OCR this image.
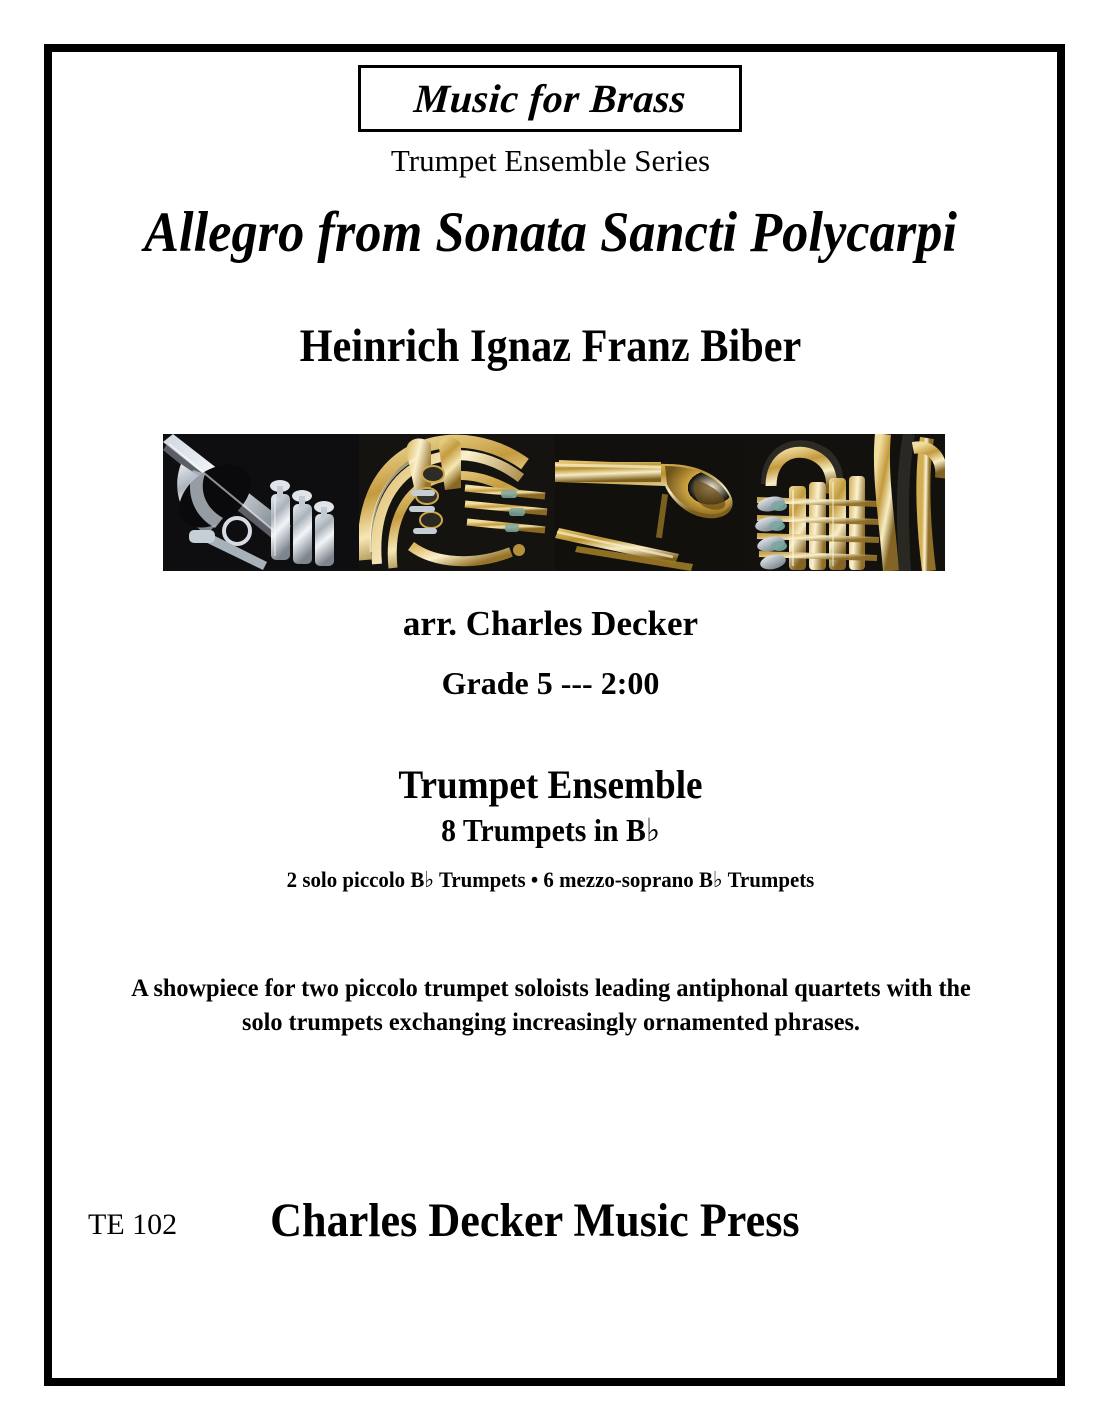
Music for Brass
Trumpet Ensemble Series
Allegro from Sonata Sancti Polycarpi
Heinrich Ignaz Franz Biber
arr. Charles Decker
Grade 5 --- 2:00
Trumpet Ensemble
8 Trumpets in B♭
2 solo piccolo B♭ Trumpets • 6 mezzo-soprano B♭ Trumpets
A showpiece for two piccolo trumpet soloists leading antiphonal quartets with the solo trumpets exchanging increasingly ornamented phrases.
TE 102	Charles Decker Music Press
